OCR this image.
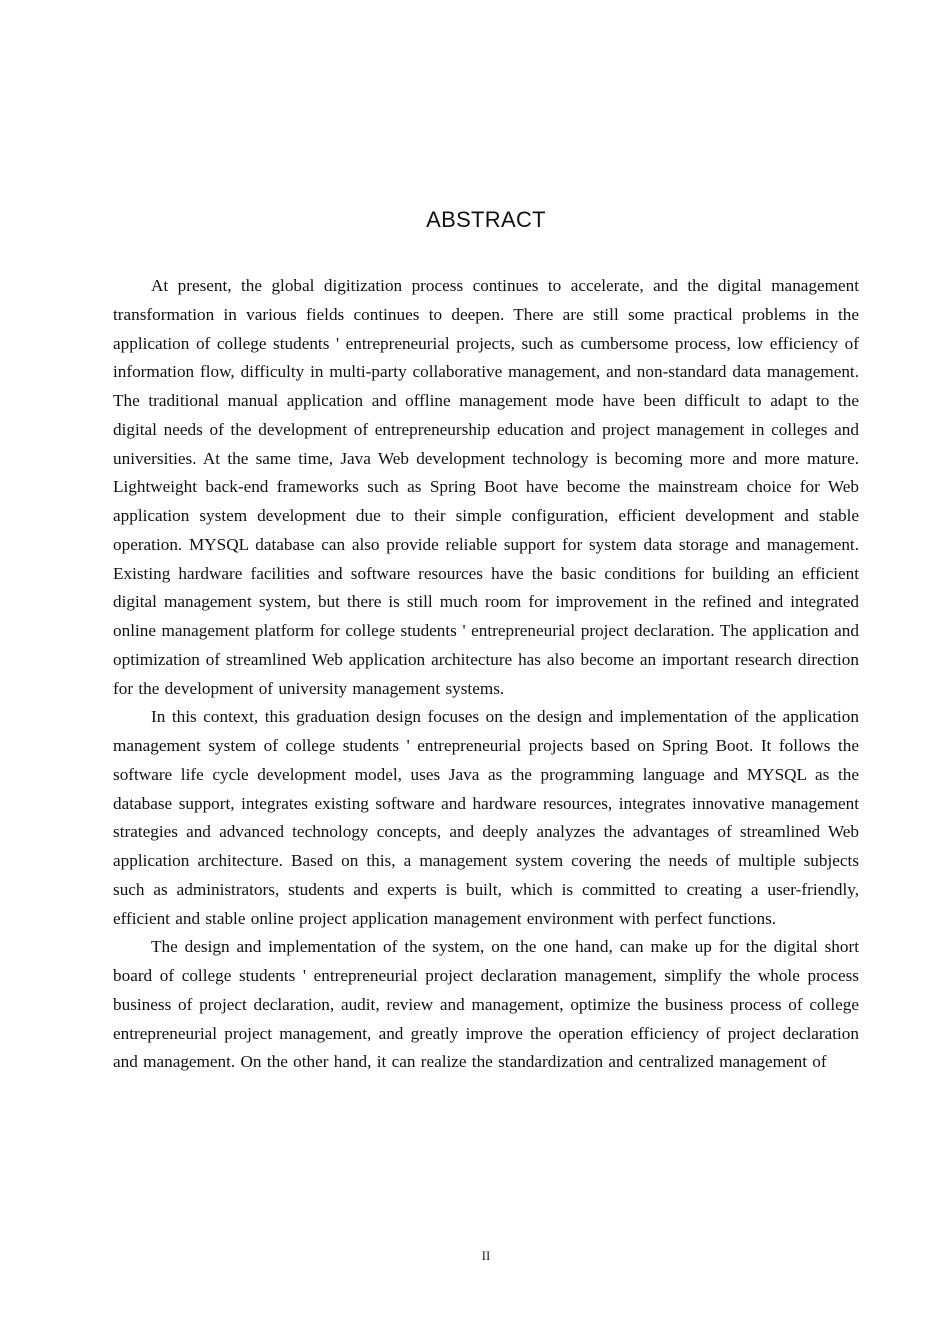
ABSTRACT

At present, the global digitization process continues to accelerate, and the digital management transformation in various fields continues to deepen. There are still some practical problems in the application of college students ' entrepreneurial projects, such as cumbersome process, low efficiency of information flow, difficulty in multi-party collaborative management, and non-standard data management. The traditional manual application and offline management mode have been difficult to adapt to the digital needs of the development of entrepreneurship education and project management in colleges and universities. At the same time, Java Web development technology is becoming more and more mature. Lightweight back-end frameworks such as Spring Boot have become the mainstream choice for Web application system development due to their simple configuration, efficient development and stable operation. MYSQL database can also provide reliable support for system data storage and management. Existing hardware facilities and software resources have the basic conditions for building an efficient digital management system, but there is still much room for improvement in the refined and integrated online management platform for college students ' entrepreneurial project declaration. The application and optimization of streamlined Web application architecture has also become an important research direction for the development of university management systems.

In this context, this graduation design focuses on the design and implementation of the application management system of college students ' entrepreneurial projects based on Spring Boot. It follows the software life cycle development model, uses Java as the programming language and MYSQL as the database support, integrates existing software and hardware resources, integrates innovative management strategies and advanced technology concepts, and deeply analyzes the advantages of streamlined Web application architecture. Based on this, a management system covering the needs of multiple subjects such as administrators, students and experts is built, which is committed to creating a user-friendly, efficient and stable online project application management environment with perfect functions.

The design and implementation of the system, on the one hand, can make up for the digital short board of college students ' entrepreneurial project declaration management, simplify the whole process business of project declaration, audit, review and management, optimize the business process of college entrepreneurial project management, and greatly improve the operation efficiency of project declaration and management. On the other hand, it can realize the standardization and centralized management of

II
